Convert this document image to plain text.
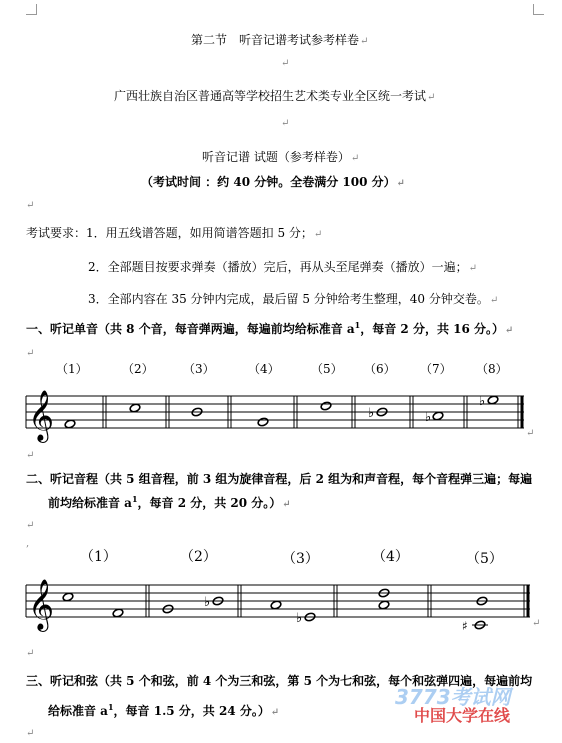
第二节　听音记谱考试参考样卷↵
↵
广西壮族自治区普通高等学校招生艺术类专业全区统一考试↵
↵
听音记谱 试题（参考样卷）↵
（考试时间 ：约 40 分钟。全卷满分 100 分）↵
↵
考试要求：1．用五线谱答题，如用简谱答题扣 5 分；↵
2．全部题目按要求弹奏（播放）完后，再从头至尾弹奏（播放）一遍；↵
3．全部内容在 35 分钟内完成，最后留 5 分钟给考生整理，40 分钟交卷。↵
一、听记单音（共 8 个音，每音弹两遍，每遍前均给标准音 $a^1$，每音 2 分，共 16 分。）↵
↵
（1）	（2） （3）	（4）	（5） （6） （7） （8）
𝄞	♭	♭
♭
↵
↵
二、听记音程（共 5 组音程，前 3 组为旋律音程，后 2 组为和声音程，每个音程弹三遍；每遍
前均给标准音 $a^1$，每音 2 分，共 20 分。）↵
↵
,
（1）	（2）	（3）	（4）	（5）
𝄞	♭
♭	♯	↵
↵
三、听记和弦（共 5 个和弦，前 4 个为三和弦，第 5 个为七和弦，每个和弦弹四遍，每遍前均
给标准音 $a^1$，每音 1.5 分，共 24 分。）↵
↵
3773考试网
中国大学在线
